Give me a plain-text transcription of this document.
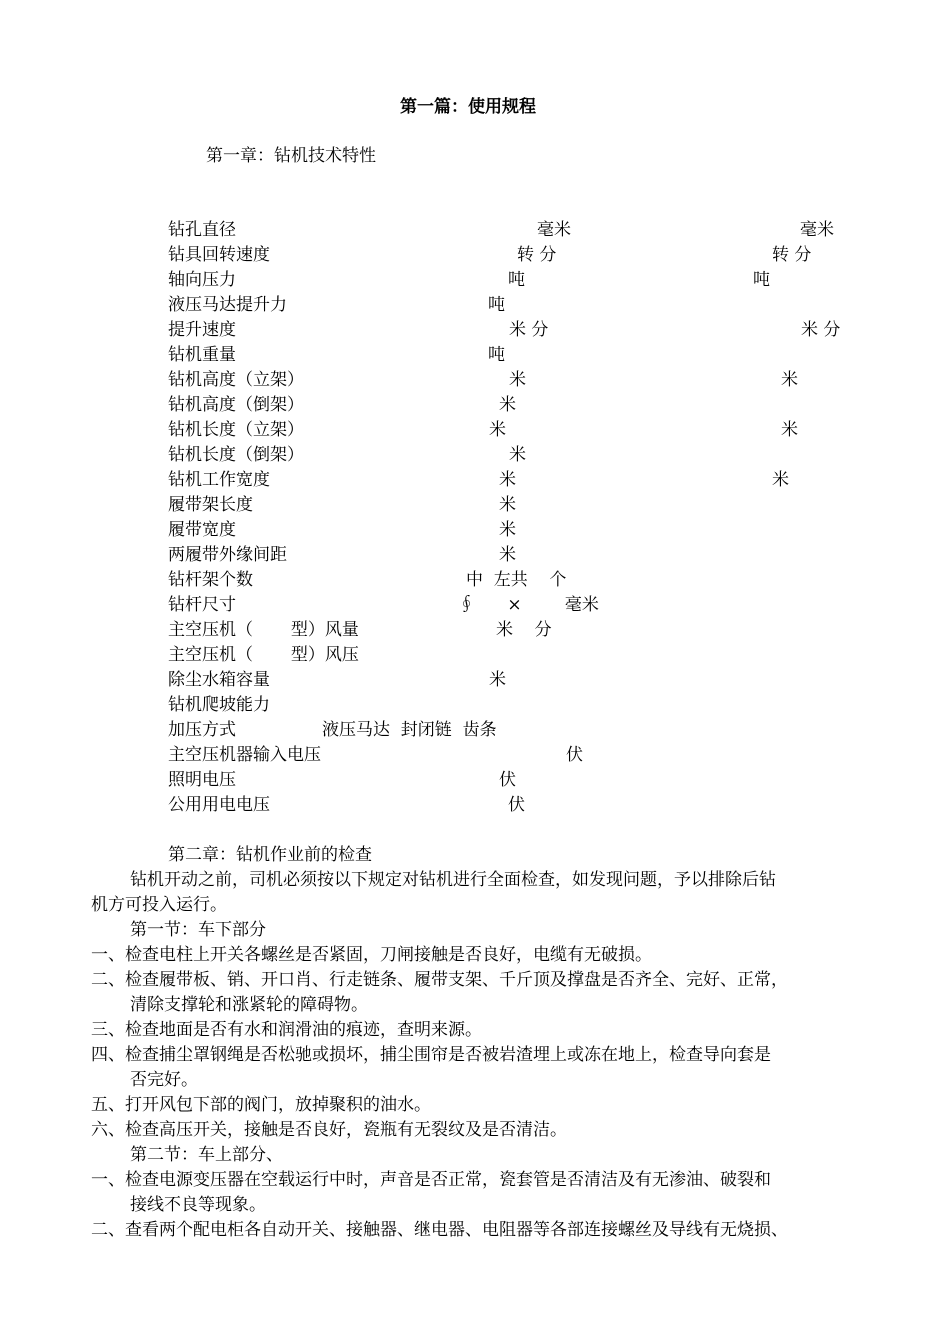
第一篇：使用规程
第一章：钻机技术特性
钻孔直径	毫米	毫米
钻具回转速度	转 分	转 分
轴向压力	吨	吨
液压马达提升力	吨
提升速度	米 分	米 分
钻机重量	吨
钻机高度（立架）	米	米
钻机高度（倒架）	米
钻机长度（立架）	米	米
钻机长度（倒架）	米
钻机工作宽度	米	米
履带架长度	米
履带宽度	米
两履带外缘间距	米
钻杆架个数	中  左共    个
钻杆尺寸	∮      ×        毫米
主空压机（       型）风量	米    分
主空压机（       型）风压
除尘水箱容量	米
钻机爬坡能力
加压方式	液压马达  封闭链  齿条
主空压机器输入电压	伏
照明电压	伏
公用用电电压	伏
第二章：钻机作业前的检查
钻机开动之前，司机必须按以下规定对钻机进行全面检查，如发现问题，予以排除后钻
机方可投入运行。
第一节：车下部分
一、检查电柱上开关各螺丝是否紧固，刀闸接触是否良好，电缆有无破损。
二、检查履带板、销、开口肖、行走链条、履带支架、千斤顶及撑盘是否齐全、完好、正常，
清除支撑轮和涨紧轮的障碍物。
三、检查地面是否有水和润滑油的痕迹，查明来源。
四、检查捕尘罩钢绳是否松驰或损坏，捕尘围帘是否被岩渣埋上或冻在地上，检查导向套是
否完好。
五、打开风包下部的阀门，放掉聚积的油水。
六、检查高压开关，接触是否良好，瓷瓶有无裂纹及是否清洁。
第二节：车上部分、
一、检查电源变压器在空载运行中时，声音是否正常，瓷套管是否清洁及有无渗油、破裂和
接线不良等现象。
二、查看两个配电柜各自动开关、接触器、继电器、电阻器等各部连接螺丝及导线有无烧损、
